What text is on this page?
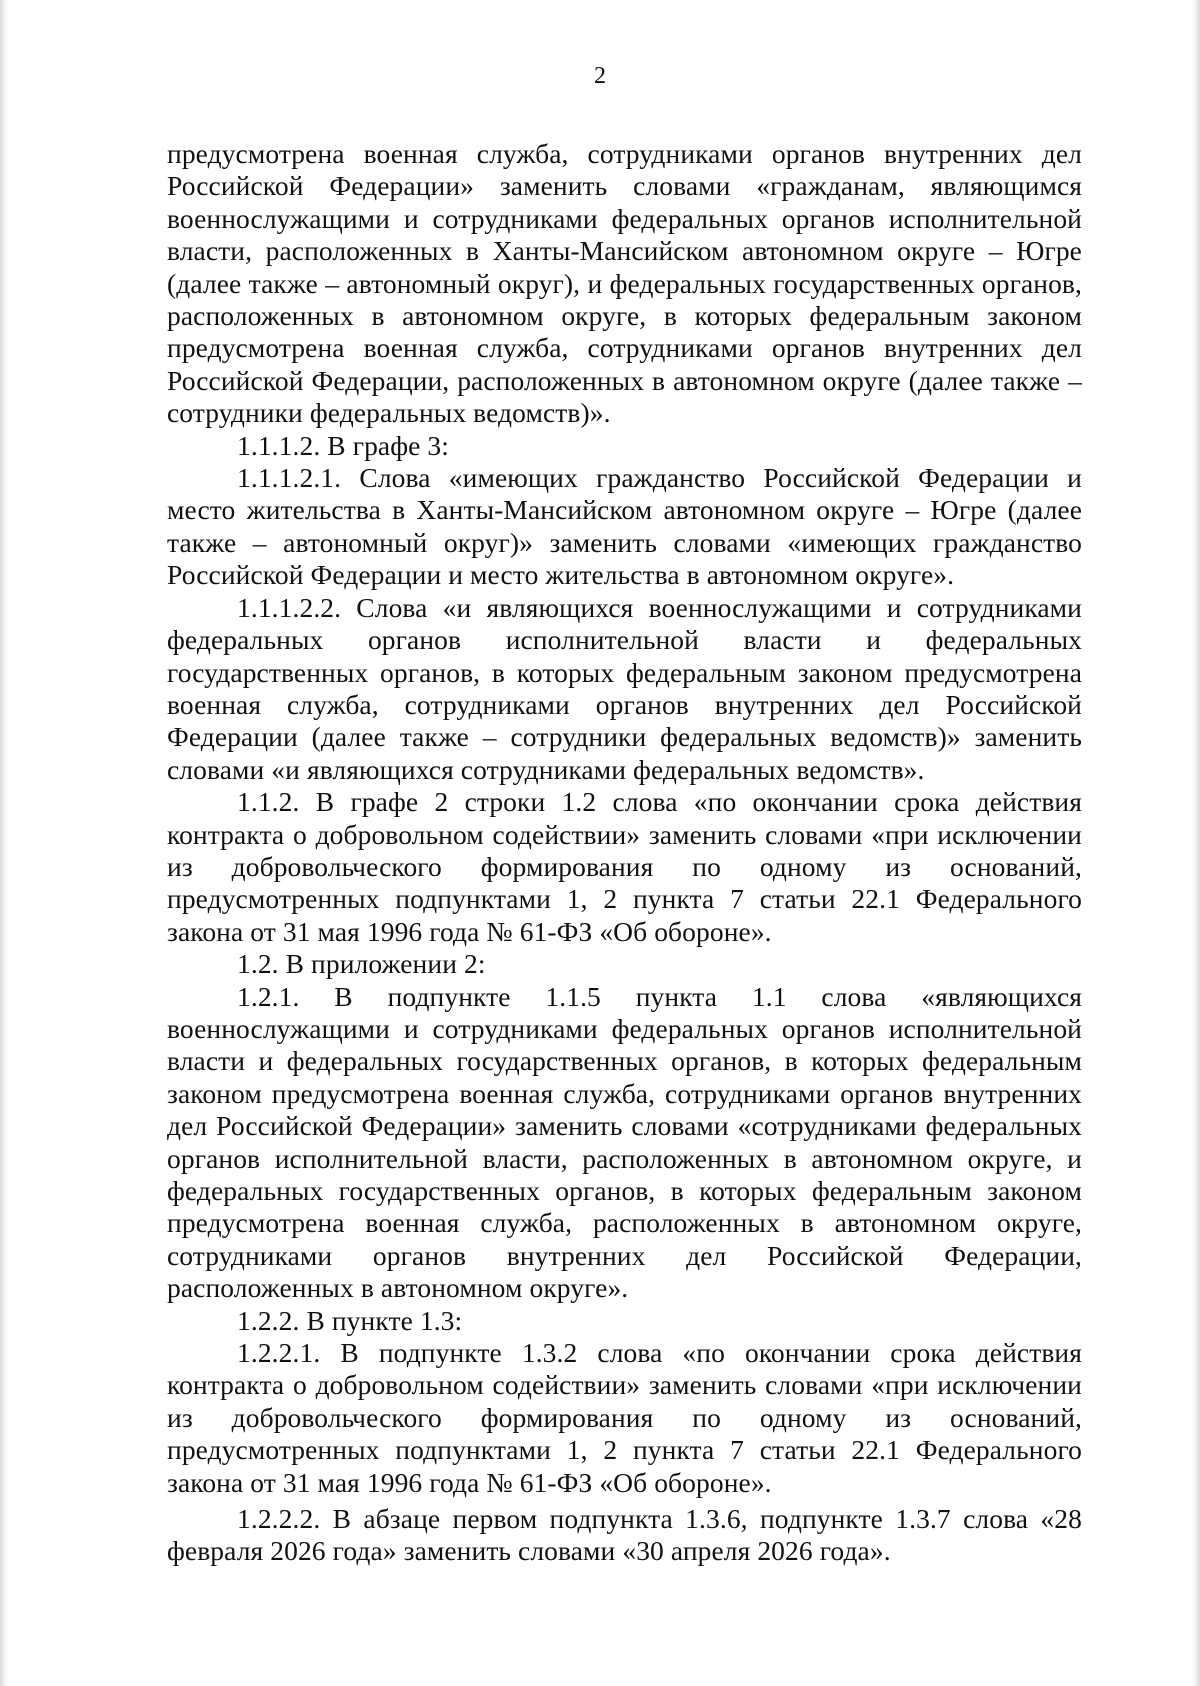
2

предусмотрена военная служба, сотрудниками органов внутренних дел Российской Федерации» заменить словами «гражданам, являющимся военнослужащими и сотрудниками федеральных органов исполнительной власти, расположенных в Ханты-Мансийском автономном округе – Югре (далее также – автономный округ), и федеральных государственных органов, расположенных в автономном округе, в которых федеральным законом предусмотрена военная служба, сотрудниками органов внутренних дел Российской Федерации, расположенных в автономном округе (далее также – сотрудники федеральных ведомств)».

1.1.1.2. В графе 3:

1.1.1.2.1. Слова «имеющих гражданство Российской Федерации и место жительства в Ханты-Мансийском автономном округе – Югре (далее также – автономный округ)» заменить словами «имеющих гражданство Российской Федерации и место жительства в автономном округе».

1.1.1.2.2. Слова «и являющихся военнослужащими и сотрудниками федеральных органов исполнительной власти и федеральных государственных органов, в которых федеральным законом предусмотрена военная служба, сотрудниками органов внутренних дел Российской Федерации (далее также – сотрудники федеральных ведомств)» заменить словами «и являющихся сотрудниками федеральных ведомств».

1.1.2. В графе 2 строки 1.2 слова «по окончании срока действия контракта о добровольном содействии» заменить словами «при исключении из добровольческого формирования по одному из оснований, предусмотренных подпунктами 1, 2 пункта 7 статьи 22.1 Федерального закона от 31 мая 1996 года № 61-ФЗ «Об обороне».

1.2. В приложении 2:

1.2.1. В подпункте 1.1.5 пункта 1.1 слова «являющихся военнослужащими и сотрудниками федеральных органов исполнительной власти и федеральных государственных органов, в которых федеральным законом предусмотрена военная служба, сотрудниками органов внутренних дел Российской Федерации» заменить словами «сотрудниками федеральных органов исполнительной власти, расположенных в автономном округе, и федеральных государственных органов, в которых федеральным законом предусмотрена военная служба, расположенных в автономном округе, сотрудниками органов внутренних дел Российской Федерации, расположенных в автономном округе».

1.2.2. В пункте 1.3:

1.2.2.1. В подпункте 1.3.2 слова «по окончании срока действия контракта о добровольном содействии» заменить словами «при исключении из добровольческого формирования по одному из оснований, предусмотренных подпунктами 1, 2 пункта 7 статьи 22.1 Федерального закона от 31 мая 1996 года № 61-ФЗ «Об обороне».

1.2.2.2. В абзаце первом подпункта 1.3.6, подпункте 1.3.7 слова «28 февраля 2026 года» заменить словами «30 апреля 2026 года».
